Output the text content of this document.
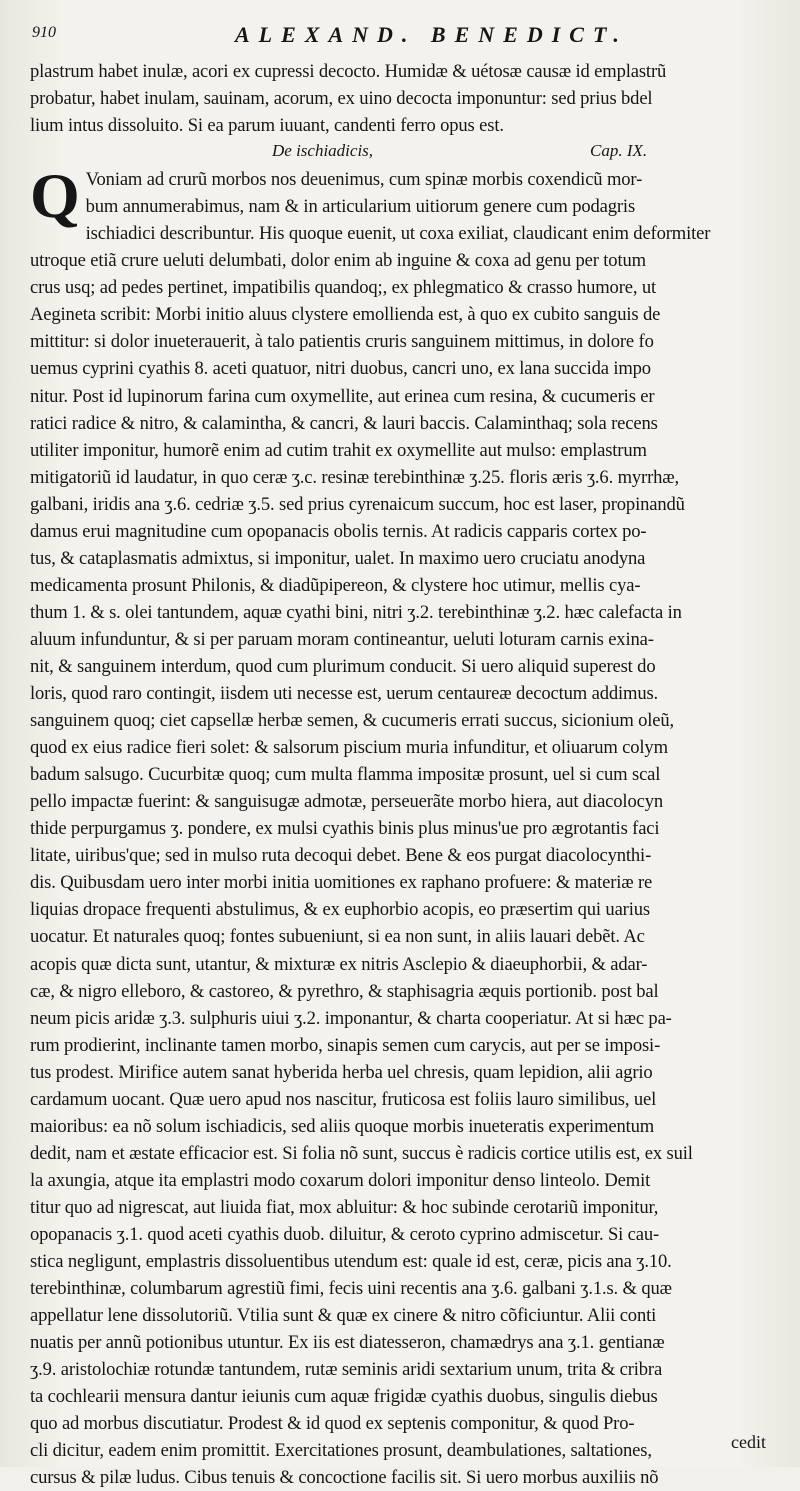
910	ALEXAND. BENEDICT.
plastrum habet inulæ, acori ex cupressi decocto. Humidæ & uétosæ causæ id emplastrũ
probatur, habet inulam, sauinam, acorum, ex uino decocta imponuntur: sed prius bdel
lium intus dissoluito. Si ea parum iuuant, candenti ferro opus est.
De ischiadicis,	Cap. IX.
Q Voniam ad crurũ morbos nos deuenimus, cum spinæ morbis coxendicũ mor-
bum annumerabimus, nam & in articularium uitiorum genere cum podagris
ischiadici describuntur. His quoque euenit, ut coxa exiliat, claudicant enim deformiter
utroque etiã crure ueluti delumbati, dolor enim ab inguine & coxa ad genu per totum
crus usq; ad pedes pertinet, impatibilis quandoq;, ex phlegmatico & crasso humore, ut
Aegineta scribit: Morbi initio aluus clystere emolliendа est, à quo ex cubito sanguis de
mittitur: si dolor inueterauerit, à talo patientis cruris sanguinem mittimus, in dolore fo
uemus cyprini cyathis 8. aceti quatuor, nitri duobus, cancri uno, ex lana succida impo
nitur. Post id lupinorum farina cum oxymellite, aut erinea cum resina, & cucumeris er
ratici radice & nitro, & calamintha, & cancri, & lauri baccis. Calaminthaq; sola recens
utiliter imponitur, humorẽ enim ad cutim trahit ex oxymellite aut mulso: emplastrum
mitigatoriũ id laudatur, in quo ceræ ʒ.c. resinæ terebinthinæ ʒ.25. floris æris ʒ.6. myrrhæ,
galbani, iridis ana ʒ.6. cedriæ ʒ.5. sed prius cyrenaicum succum, hoc est laser, propinandũ
damus erui magnitudine cum opopanacis obolis ternis. At radicis capparis cortex po-
tus, & cataplasmatis admixtus, si imponitur, ualet. In maximo uero cruciatu anodyna
medicamenta prosunt Philonis, & diadũpipereon, & clystere hoc utimur, mellis cya-
thum 1. & s. olei tantundem, aquæ cyathi bini, nitri ʒ.2. terebinthinæ ʒ.2. hæc calefacta in
aluum infunduntur, & si per paruam moram contineantur, ueluti loturam carnis exina-
nit, & sanguinem interdum, quod cum plurimum conducit. Si uero aliquid superest do
loris, quod raro contingit, iisdem uti necesse est, uerum centaureæ decoctum addimus.
sanguinem quoq; ciet capsellæ herbæ semen, & cucumeris errati succus, sicionium oleũ,
quod ex eius radice fieri solet: & salsorum piscium muria infunditur, et oliuarum colym
badum salsugo. Cucurbitæ quoq; cum multa flamma impositæ prosunt, uel si cum scal
pello impactæ fuerint: & sanguisugæ admotæ, perseuerãte morbo hiera, aut diacolocyn
thide perpurgamus ʒ. pondere, ex mulsi cyathis binis plus minus'ue pro ægrotantis faci
litate, uiribus'que; sed in mulso ruta decoqui debet. Bene & eos purgat diacolocynthi-
dis. Quibusdam uero inter morbi initia uomitiones ex raphano profuere: & materiæ re
liquias dropace frequenti abstulimus, & ex euphorbio acopis, eo præsertim qui uarius
uocatur. Et naturales quoq; fontes subueniunt, si ea non sunt, in aliis lauari debẽt. Ac
acopis quæ dicta sunt, utantur, & mixturæ ex nitris Asclepio & diaeuphorbii, & adar-
cæ, & nigro elleboro, & castoreo, & pyrethro, & staphisagria æquis portionib. post bal
neum picis aridæ ʒ.3. sulphuris uiui ʒ.2. imponantur, & charta cooperiatur. At si hæc pa-
rum prodierint, inclinante tamen morbo, sinapis semen cum carycis, aut per se imposi-
tus prodest. Mirifice autem sanat hyberida herba uel chresis, quam lepidion, alii agrio
cardamum uocant. Quæ uero apud nos nascitur, fruticosa est foliis lauro similibus, uel
maioribus: ea nõ solum ischiadicis, sed aliis quoque morbis inueteratis experimentum
dedit, nam et æstate efficacior est. Si folia nõ sunt, succus è radicis cortice utilis est, ex suil
la axungia, atque ita emplastri modo coxarum dolori imponitur denso linteolo. Demit
titur quo ad nigrescat, aut liuida fiat, mox abluitur: & hoc subinde cerotariũ imponitur,
opopanacis ʒ.1. quod aceti cyathis duob. diluitur, & ceroto cyprino admiscetur. Si cau-
stica negligunt, emplastris dissoluentibus utendum est: quale id est, ceræ, picis ana ʒ.10.
terebinthinæ, columbarum agrestiũ fimi, fecis uini recentis ana ʒ.6. galbani ʒ.1.s. & quæ
appellatur lene dissolutoriũ. Vtilia sunt & quæ ex cinere & nitro cõficiuntur. Alii conti
nuatis per annũ potionibus utuntur. Ex iis est diatesseron, chamædrys ana ʒ.1. gentianæ
ʒ.9. aristolochiæ rotundæ tantundem, rutæ seminis aridi sextarium unum, trita & cribra
ta cochlearii mensura dantur ieiunis cum aquæ frigidæ cyathis duobus, singulis diebus
quo ad morbus discutiatur. Prodest & id quod ex septenis componitur, & quod Pro-
cli dicitur, eadem enim promittit. Exercitationes prosunt, deambulationes, saltationes,
cursus & pilæ ludus. Cibus tenuis & concoctione facilis sit. Si uero morbus auxiliis nõ
cedit
